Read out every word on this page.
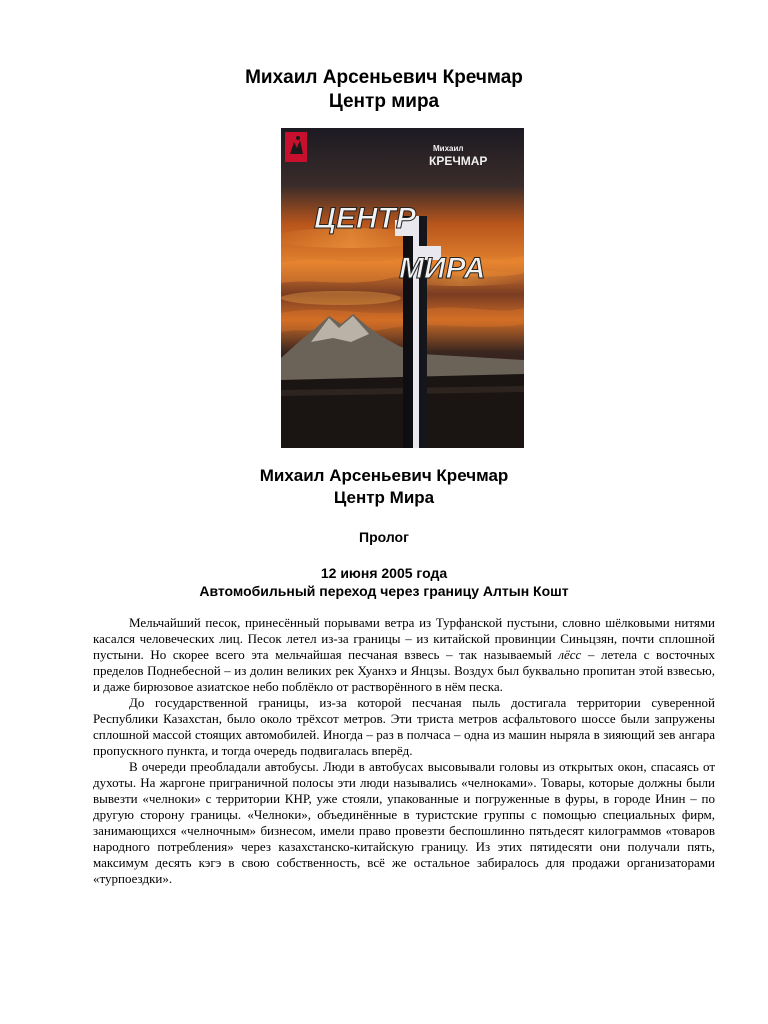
Михаил Арсеньевич Кречмар
Центр мира
Михаил
КРЕЧМАР
ЦЕНТР
МИРА
Михаил Арсеньевич Кречмар
Центр Мира
Пролог
12 июня 2005 года
Автомобильный переход через границу Алтын Кошт

Мельчайший песок, принесённый порывами ветра из Турфанской пустыни, словно шёлковыми нитями касался человеческих лиц. Песок летел из-за границы – из китайской провинции Синьцзян, почти сплошной пустыни. Но скорее всего эта мельчайшая песчаная взвесь – так называемый лёсс – летела с восточных пределов Поднебесной – из долин великих рек Хуанхэ и Янцзы. Воздух был буквально пропитан этой взвесью, и даже бирюзовое азиатское небо поблёкло от растворённого в нём песка.

До государственной границы, из-за которой песчаная пыль достигала территории суверенной Республики Казахстан, было около трёхсот метров. Эти триста метров асфальтового шоссе были запружены сплошной массой стоящих автомобилей. Иногда – раз в полчаса – одна из машин ныряла в зияющий зев ангара пропускного пункта, и тогда очередь подвигалась вперёд.

В очереди преобладали автобусы. Люди в автобусах высовывали головы из открытых окон, спасаясь от духоты. На жаргоне приграничной полосы эти люди назывались «челноками». Товары, которые должны были вывезти «челноки» с территории КНР, уже стояли, упакованные и погруженные в фуры, в городе Инин – по другую сторону границы. «Челноки», объединённые в туристские группы с помощью специальных фирм, занимающихся «челночным» бизнесом, имели право провезти беспошлинно пятьдесят килограммов «товаров народного потребления» через казахстанско-китайскую границу. Из этих пятидесяти они получали пять, максимум десять кэгэ в свою собственность, всё же остальное забиралось для продажи организаторами «турпоездки».
